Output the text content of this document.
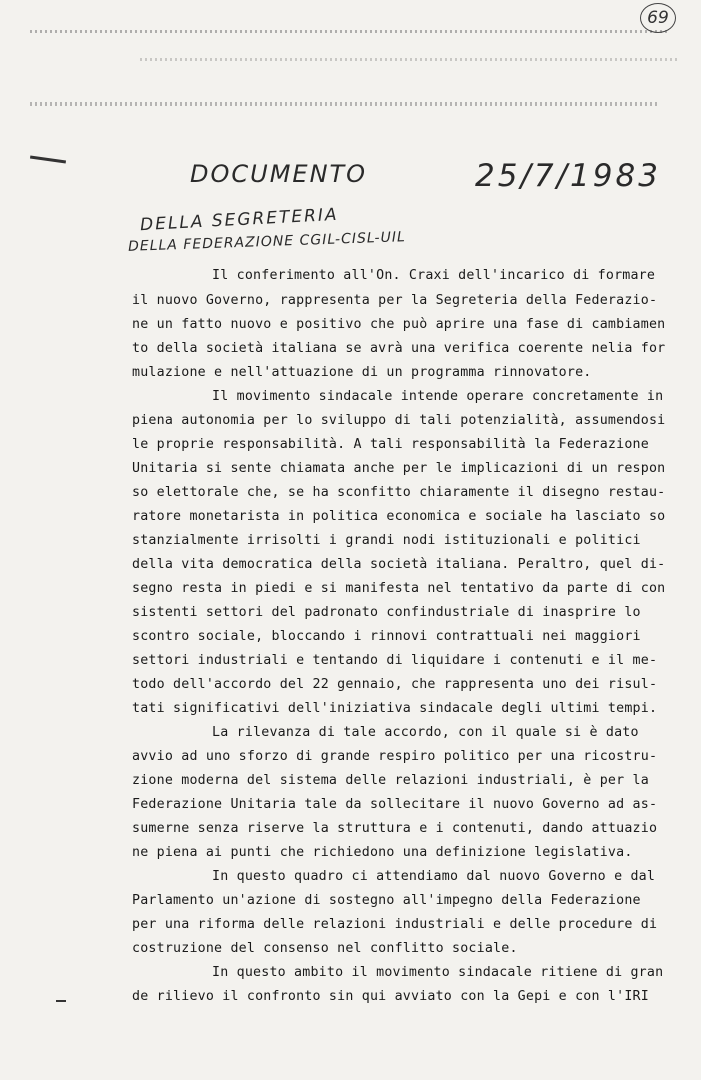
69
DOCUMENTO	25/7/1983
DELLA SEGRETERIA
DELLA FEDERAZIONE CGIL-CISL-UIL
Il conferimento all'On. Craxi dell'incarico di formare
il nuovo Governo, rappresenta per la Segreteria della Federazio-
ne un fatto nuovo e positivo che può aprire una fase di cambiamen
to della società italiana se avrà una verifica coerente nelia for
mulazione e nell'attuazione di un programma rinnovatore.
Il movimento sindacale intende operare concretamente in
piena autonomia per lo sviluppo di tali potenzialità, assumendosi
le proprie responsabilità. A tali responsabilità la Federazione
Unitaria si sente chiamata anche per le implicazioni di un respon
so elettorale che, se ha sconfitto chiaramente il disegno restau-
ratore monetarista in politica economica e sociale ha lasciato so
stanzialmente irrisolti i grandi nodi istituzionali e politici
della vita democratica della società italiana. Peraltro, quel di-
segno resta in piedi e si manifesta nel tentativo da parte di con
sistenti settori del padronato confindustriale di inasprire lo
scontro sociale, bloccando i rinnovi contrattuali nei maggiori
settori industriali e tentando di liquidare i contenuti e il me-
todo dell'accordo del 22 gennaio, che rappresenta uno dei risul-
tati significativi dell'iniziativa sindacale degli ultimi tempi.
La rilevanza di tale accordo, con il quale si è dato
avvio ad uno sforzo di grande respiro politico per una ricostru-
zione moderna del sistema delle relazioni industriali, è per la
Federazione Unitaria tale da sollecitare il nuovo Governo ad as-
sumerne senza riserve la struttura e i contenuti, dando attuazio
ne piena ai punti che richiedono una definizione legislativa.
In questo quadro ci attendiamo dal nuovo Governo e dal
Parlamento un'azione di sostegno all'impegno della Federazione
per una riforma delle relazioni industriali e delle procedure di
costruzione del consenso nel conflitto sociale.
In questo ambito il movimento sindacale ritiene di gran
de rilievo il confronto sin qui avviato con la Gepi e con l'IRI
